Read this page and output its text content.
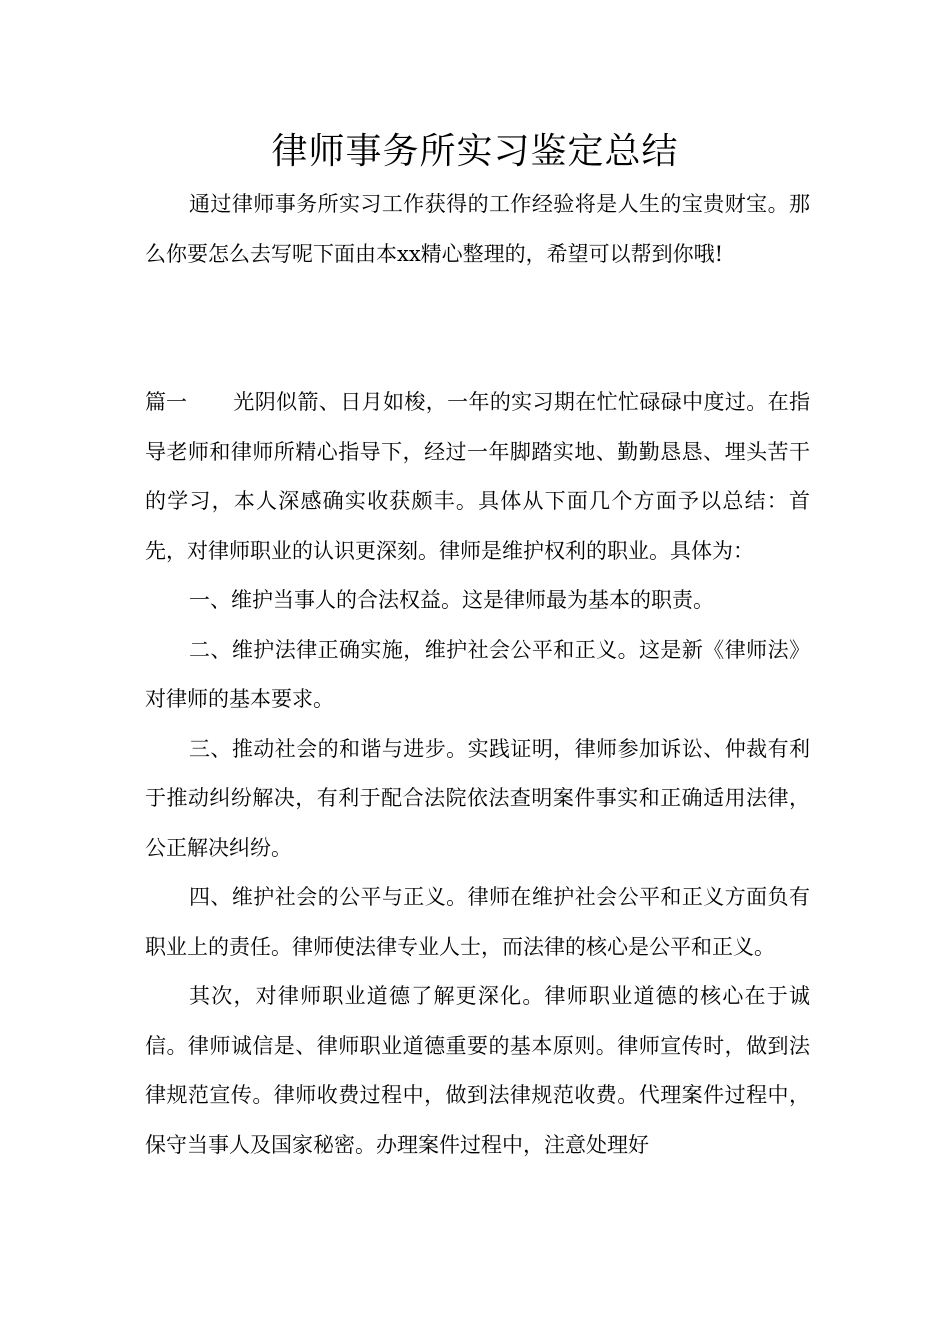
律师事务所实习鉴定总结

通过律师事务所实习工作获得的工作经验将是人生的宝贵财宝。那么你要怎么去写呢下面由本xx精心整理的，希望可以帮到你哦!

篇一 光阴似箭、日月如梭，一年的实习期在忙忙碌碌中度过。在指导老师和律师所精心指导下，经过一年脚踏实地、勤勤恳恳、埋头苦干的学习，本人深感确实收获颇丰。具体从下面几个方面予以总结：首先，对律师职业的认识更深刻。律师是维护权利的职业。具体为：

一、维护当事人的合法权益。这是律师最为基本的职责。

二、维护法律正确实施，维护社会公平和正义。这是新《律师法》对律师的基本要求。

三、推动社会的和谐与进步。实践证明，律师参加诉讼、仲裁有利于推动纠纷解决，有利于配合法院依法查明案件事实和正确适用法律，公正解决纠纷。

四、维护社会的公平与正义。律师在维护社会公平和正义方面负有职业上的责任。律师使法律专业人士，而法律的核心是公平和正义。

其次，对律师职业道德了解更深化。律师职业道德的核心在于诚信。律师诚信是、律师职业道德重要的基本原则。律师宣传时，做到法律规范宣传。律师收费过程中，做到法律规范收费。代理案件过程中，保守当事人及国家秘密。办理案件过程中，注意处理好
